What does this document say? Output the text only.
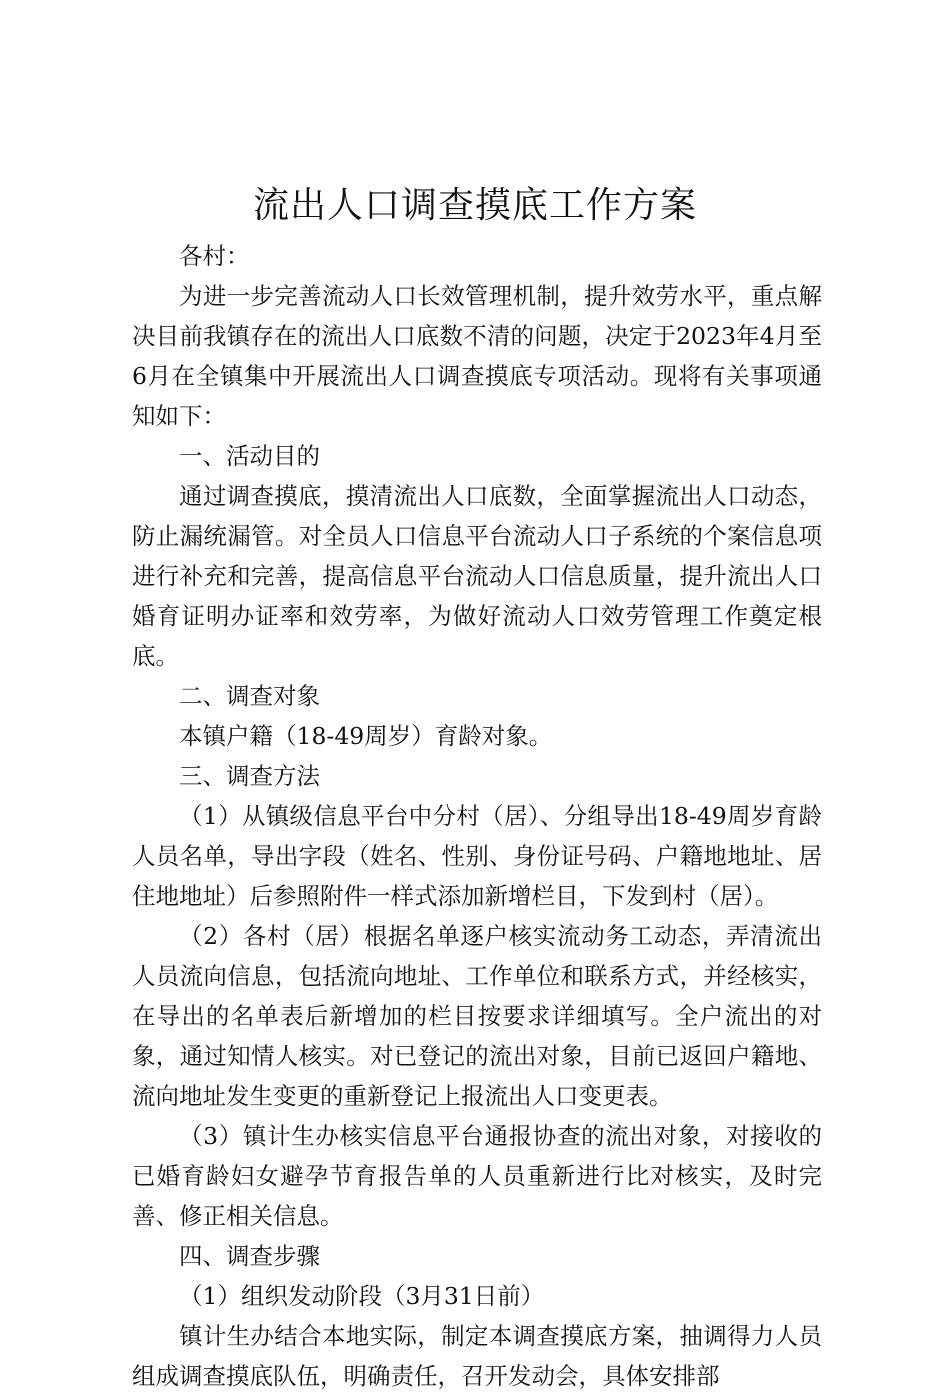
流出人口调查摸底工作方案
各村：
为进一步完善流动人口长效管理机制，提升效劳水平，重点解决目前我镇存在的流出人口底数不清的问题，决定于2023年4月至6月在全镇集中开展流出人口调查摸底专项活动。现将有关事项通知如下：
一、活动目的
通过调查摸底，摸清流出人口底数，全面掌握流出人口动态，防止漏统漏管。对全员人口信息平台流动人口子系统的个案信息项进行补充和完善，提高信息平台流动人口信息质量，提升流出人口婚育证明办证率和效劳率，为做好流动人口效劳管理工作奠定根底。
二、调查对象
本镇户籍（18-49周岁）育龄对象。
三、调查方法
（1）从镇级信息平台中分村（居）、分组导出18-49周岁育龄人员名单，导出字段（姓名、性别、身份证号码、户籍地地址、居住地地址）后参照附件一样式添加新增栏目，下发到村（居）。
（2）各村（居）根据名单逐户核实流动务工动态，弄清流出人员流向信息，包括流向地址、工作单位和联系方式，并经核实，在导出的名单表后新增加的栏目按要求详细填写。全户流出的对象，通过知情人核实。对已登记的流出对象，目前已返回户籍地、流向地址发生变更的重新登记上报流出人口变更表。
（3）镇计生办核实信息平台通报协查的流出对象，对接收的已婚育龄妇女避孕节育报告单的人员重新进行比对核实，及时完善、修正相关信息。
四、调查步骤
（1）组织发动阶段（3月31日前）
镇计生办结合本地实际，制定本调查摸底方案，抽调得力人员组成调查摸底队伍，明确责任，召开发动会，具体安排部
